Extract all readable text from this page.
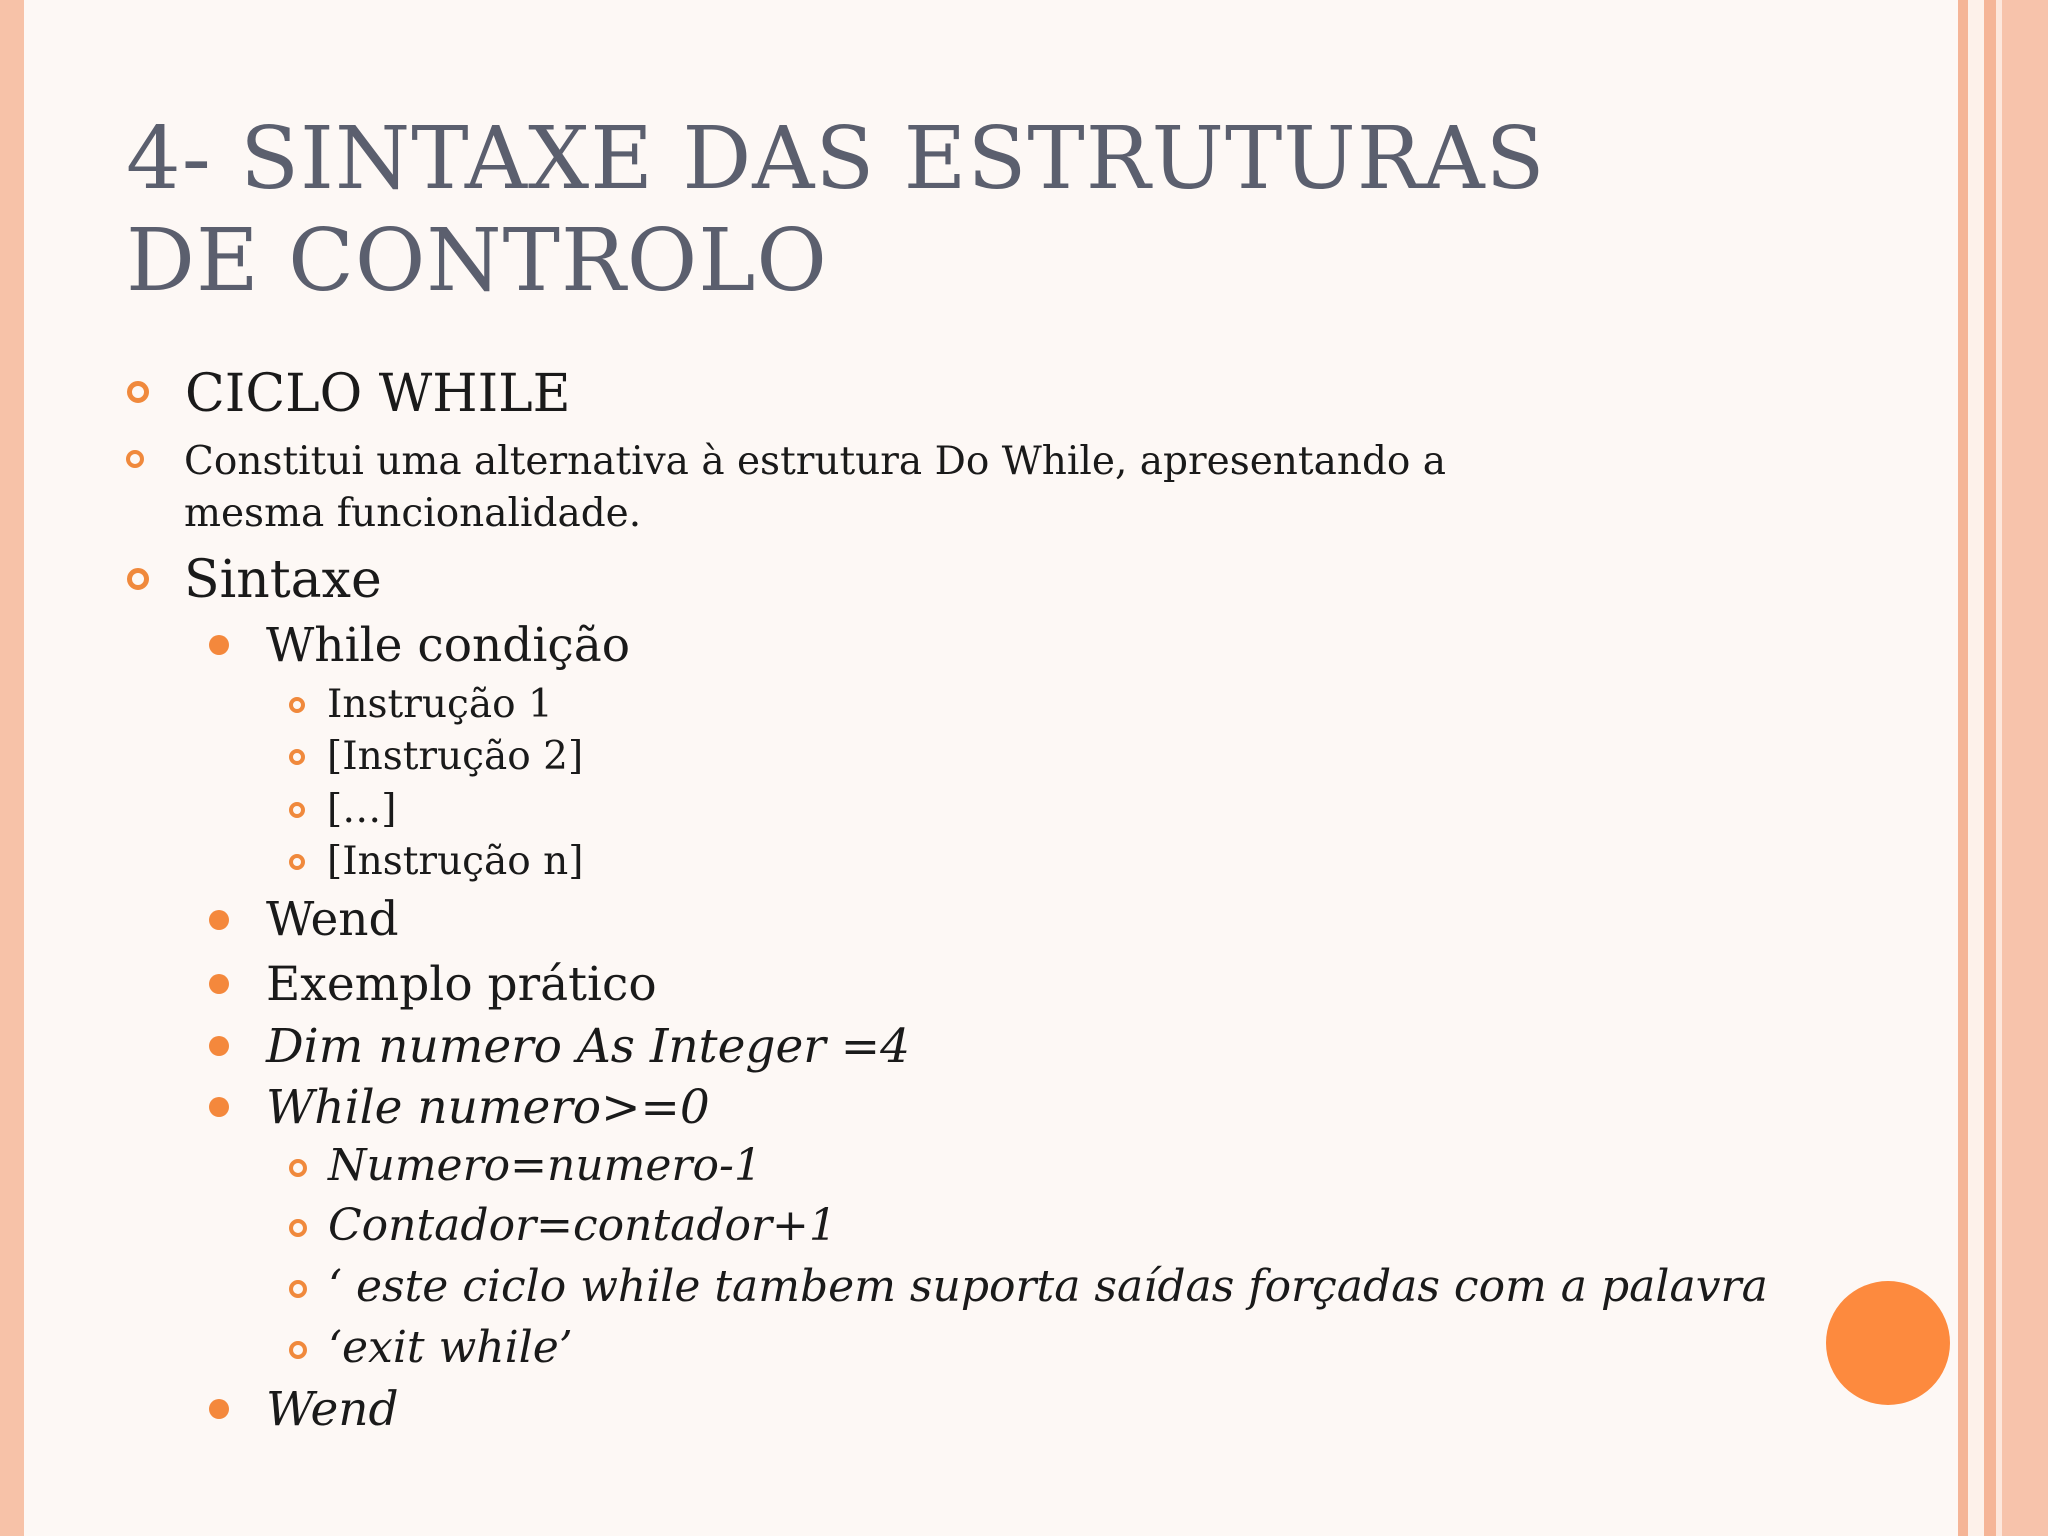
4- SINTAXE DAS ESTRUTURAS DE CONTROLO
CICLO WHILE
Constitui uma alternativa à estrutura Do While, apresentando a mesma funcionalidade.
Sintaxe
While condição
Instrução 1
[Instrução 2]
[…]
[Instrução n]
Wend
Exemplo prático
Dim numero As Integer =4
While numero>=0
Numero=numero-1
Contador=contador+1
‘ este ciclo while tambem suporta saídas forçadas com a palavra
‘exit while’
Wend
